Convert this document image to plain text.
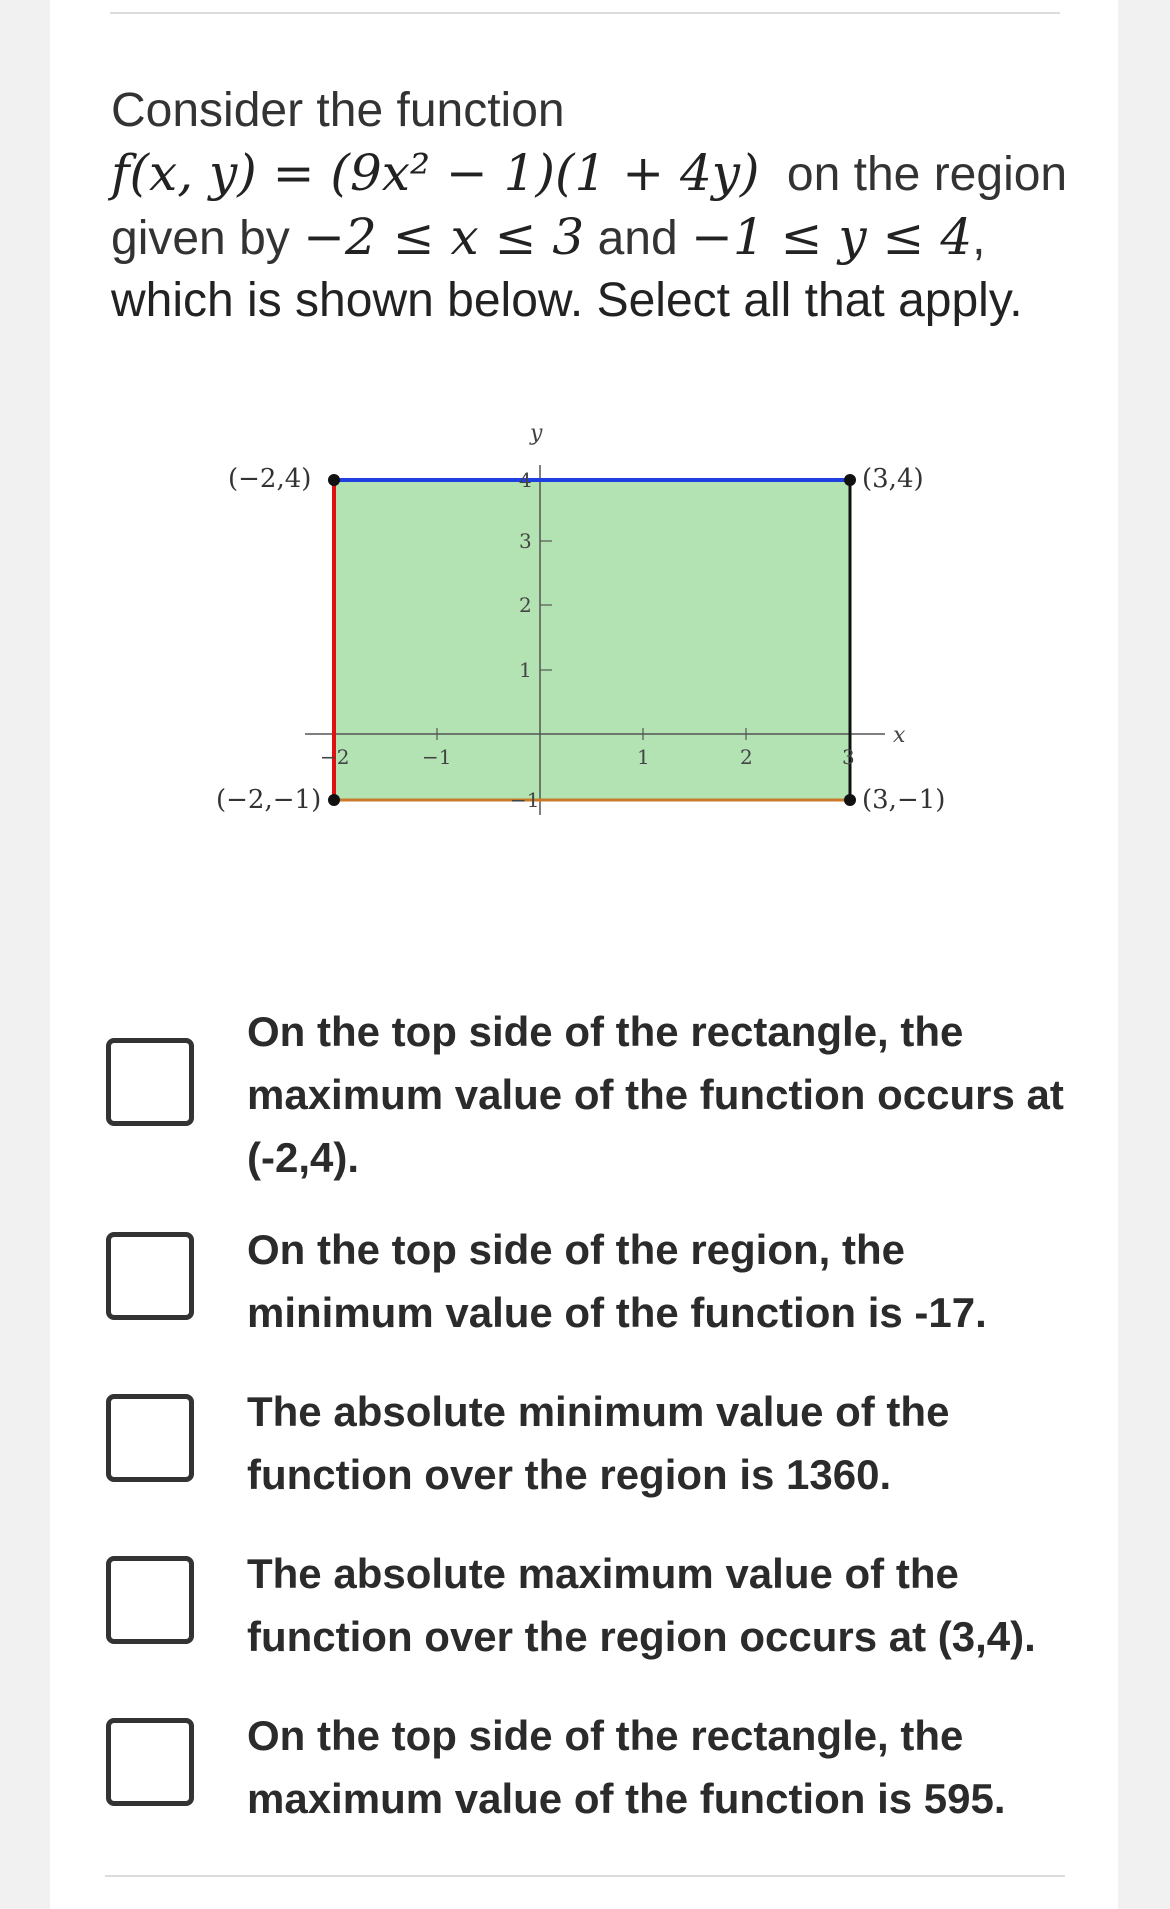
Consider the function
f(x, y) = (9x² − 1)(1 + 4y) on the region
given by −2 ≤ x ≤ 3 and −1 ≤ y ≤ 4,
which is shown below. Select all that apply.
y
x
−2	−1	1	2	3
−1
1
2
3
4
(−2,4)	(3,4)
(−2,−1)	(3,−1)
On the top side of the rectangle, the maximum value of the function occurs at (-2,4).
On the top side of the region, the minimum value of the function is -17.
The absolute minimum value of the function over the region is 1360.
The absolute maximum value of the function over the region occurs at (3,4).
On the top side of the rectangle, the maximum value of the function is 595.
